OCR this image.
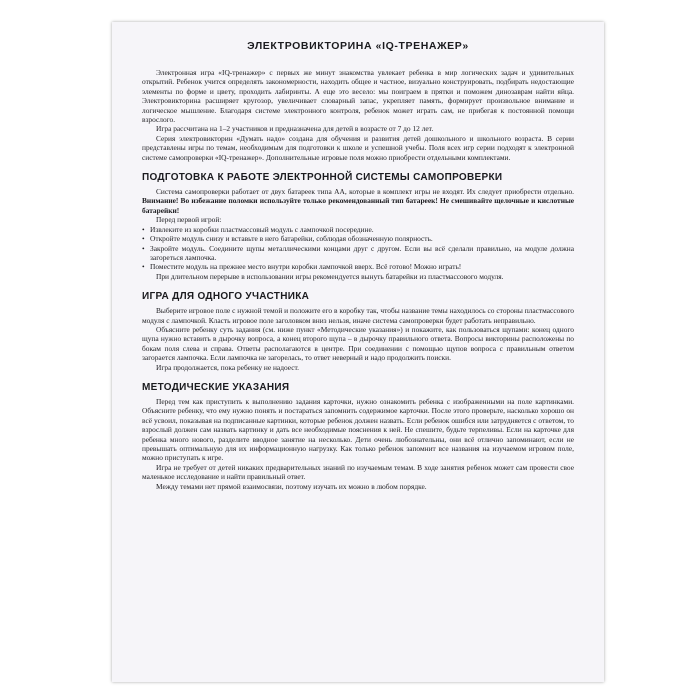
ЭЛЕКТРОВИКТОРИНА «IQ-ТРЕНАЖЕР»

Электронная игра «IQ-тренажер» с первых же минут знакомства увлекает ребенка в мир логических задач и удивительных открытий. Ребенок учится определять закономерности, находить общее и частное, визуально конструировать, подбирать недостающие элементы по форме и цвету, проходить лабиринты. А еще это весело: мы поиграем в прятки и поможем динозаврам найти яйца. Электровикторина расширяет кругозор, увеличивает словарный запас, укрепляет память, формирует произвольное внимание и логическое мышление. Благодаря системе электронного контроля, ребенок может играть сам, не прибегая к постоянной помощи взрослого.

Игра рассчитана на 1–2 участников и предназначена для детей в возрасте от 7 до 12 лет.

Серия электровикторин «Думать надо» создана для обучения и развития детей дошкольного и школьного возраста. В серии представлены игры по темам, необходимым для подготовки к школе и успешной учебы. Поля всех игр серии подходят к электронной системе самопроверки «IQ-тренажер». Дополнительные игровые поля можно приобрести отдельными комплектами.

ПОДГОТОВКА К РАБОТЕ ЭЛЕКТРОННОЙ СИСТЕМЫ САМОПРОВЕРКИ

Система самопроверки работает от двух батареек типа АА, которые в комплект игры не входят. Их следует приобрести отдельно. Внимание! Во избежание поломки используйте только рекомендованный тип батареек! Не смешивайте щелочные и кислотные батарейки!

Перед первой игрой:

• Извлеките из коробки пластмассовый модуль с лампочкой посередине.
• Откройте модуль снизу и вставьте в него батарейки, соблюдая обозначенную полярность.
• Закройте модуль. Соедините щупы металлическими концами друг с другом. Если вы всё сделали правильно, на модуле должна загореться лампочка.
• Поместите модуль на прежнее место внутри коробки лампочкой вверх. Всё готово! Можно играть!

При длительном перерыве в использовании игры рекомендуется вынуть батарейки из пластмассового модуля.

ИГРА ДЛЯ ОДНОГО УЧАСТНИКА

Выберите игровое поле с нужной темой и положите его в коробку так, чтобы название темы находилось со стороны пластмассового модуля с лампочкой. Класть игровое поле заголовком вниз нельзя, иначе система самопроверки будет работать неправильно.

Объясните ребенку суть задания (см. ниже пункт «Методические указания») и покажите, как пользоваться щупами: конец одного щупа нужно вставить в дырочку вопроса, а конец второго щупа – в дырочку правильного ответа. Вопросы викторины расположены по бокам поля слева и справа. Ответы располагаются в центре. При соединении с помощью щупов вопроса с правильным ответом загорается лампочка. Если лампочка не загорелась, то ответ неверный и надо продолжить поиски.

Игра продолжается, пока ребенку не надоест.

МЕТОДИЧЕСКИЕ УКАЗАНИЯ

Перед тем как приступить к выполнению задания карточки, нужно ознакомить ребенка с изображенными на поле картинками. Объясните ребенку, что ему нужно понять и постараться запомнить содержимое карточки. После этого проверьте, насколько хорошо он всё усвоил, показывая на подписанные картинки, которые ребенок должен назвать. Если ребенок ошибся или затрудняется с ответом, то взрослый должен сам назвать картинку и дать все необходимые пояснения к ней. Не спешите, будьте терпеливы. Если на карточке для ребенка много нового, разделите вводное занятие на несколько. Дети очень любознательны, они всё отлично запоминают, если не превышать оптимальную для их информационную нагрузку. Как только ребенок запомнит все названия на изучаемом игровом поле, можно приступать к игре.

Игра не требует от детей никаких предварительных знаний по изучаемым темам. В ходе занятия ребенок может сам провести свое маленькое исследование и найти правильный ответ.

Между темами нет прямой взаимосвязи, поэтому изучать их можно в любом порядке.
